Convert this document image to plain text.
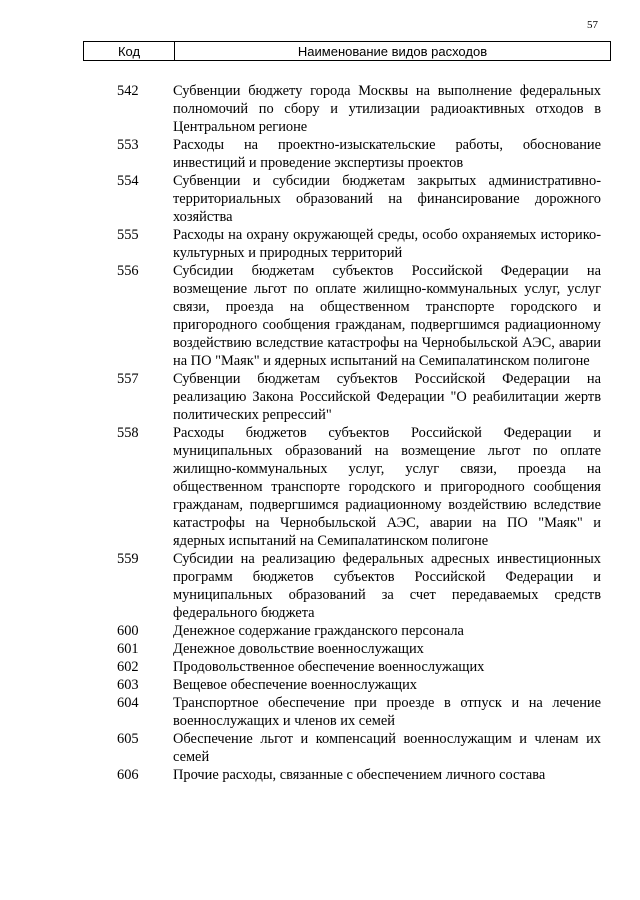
57
Код	Наименование видов расходов
542	Субвенции бюджету города Москвы на выполнение федеральных полномочий по сбору и утилизации радиоактивных отходов в Центральном регионе
553	Расходы на проектно-изыскательские работы, обоснование инвестиций и проведение экспертизы проектов
554	Субвенции и субсидии бюджетам закрытых административно-территориальных образований на финансирование дорожного хозяйства
555	Расходы на охрану окружающей среды, особо охраняемых историко-культурных и природных территорий
556	Субсидии бюджетам субъектов Российской Федерации на возмещение льгот по оплате жилищно-коммунальных услуг, услуг связи, проезда на общественном транспорте городского и пригородного сообщения гражданам, подвергшимся радиационному воздействию вследствие катастрофы на Чернобыльской АЭС, аварии на ПО "Маяк" и ядерных испытаний на Семипалатинском полигоне
557	Субвенции бюджетам субъектов Российской Федерации на реализацию Закона Российской Федерации "О реабилитации жертв политических репрессий"
558	Расходы бюджетов субъектов Российской Федерации и муниципальных образований на возмещение льгот по оплате жилищно-коммунальных услуг, услуг связи, проезда на общественном транспорте городского и пригородного сообщения гражданам, подвергшимся радиационному воздействию вследствие катастрофы на Чернобыльской АЭС, аварии на ПО "Маяк" и ядерных испытаний на Семипалатинском полигоне
559	Субсидии на реализацию федеральных адресных инвестиционных программ бюджетов субъектов Российской Федерации и муниципальных образований за счет передаваемых средств федерального бюджета
600	Денежное содержание гражданского персонала
601	Денежное довольствие военнослужащих
602	Продовольственное обеспечение военнослужащих
603	Вещевое обеспечение военнослужащих
604	Транспортное обеспечение при проезде в отпуск и на лечение военнослужащих и членов их семей
605	Обеспечение льгот и компенсаций военнослужащим и членам их семей
606	Прочие расходы, связанные с обеспечением личного состава
